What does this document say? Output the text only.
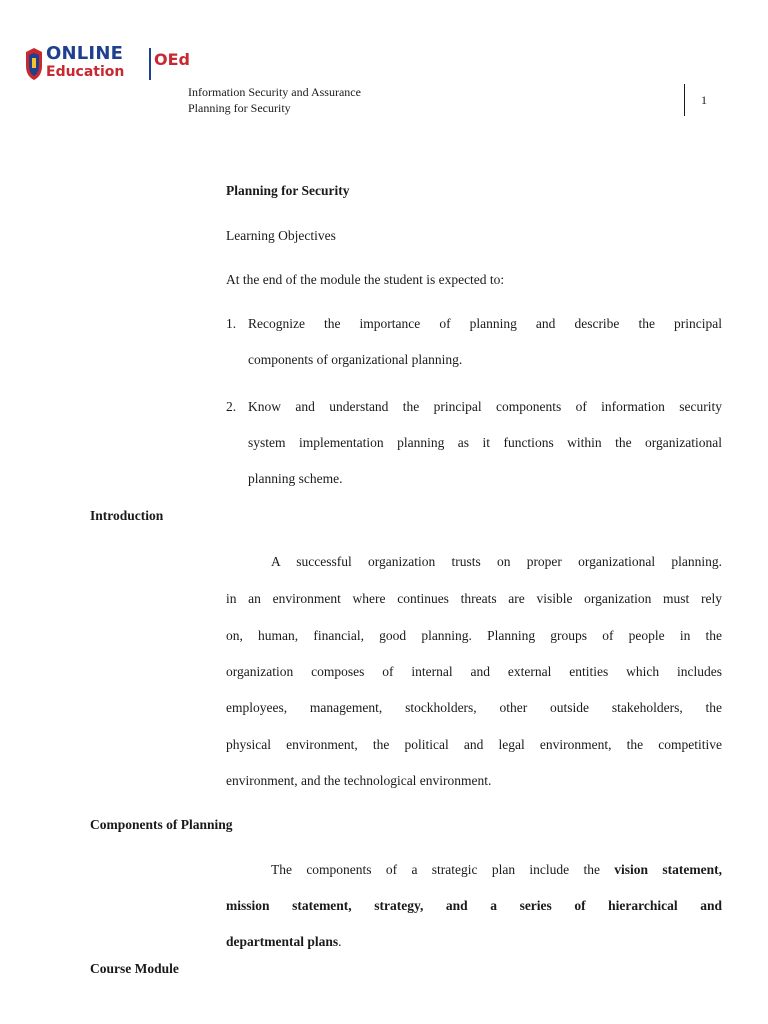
ONLINE
Education
OEd
Information Security and Assurance
Planning for Security
1
Planning for Security
Learning Objectives
At the end of the module the student is expected to:
1. Recognize the importance of planning and describe the principal
components of organizational planning.
2. Know and understand the principal components of information security
system implementation planning as it functions within the organizational
planning scheme.
Introduction
A successful organization trusts on proper organizational planning.
in an environment where continues threats are visible organization must rely
on, human, financial, good planning. Planning groups of people in the
organization composes of internal and external entities which includes
employees, management, stockholders, other outside stakeholders, the
physical environment, the political and legal environment, the competitive
environment, and the technological environment.
Components of Planning
The components of a strategic plan include the vision statement,
mission statement, strategy, and a series of hierarchical and
departmental plans.
Course Module
